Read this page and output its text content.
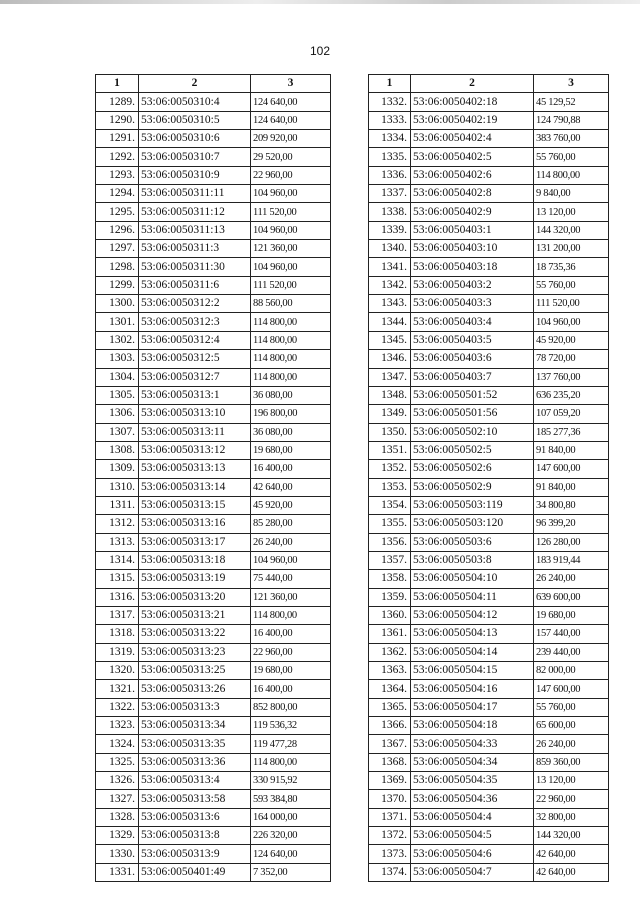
102
1	2	3
1289.	53:06:0050310:4	124 640,00
1290.	53:06:0050310:5	124 640,00
1291.	53:06:0050310:6	209 920,00
1292.	53:06:0050310:7	29 520,00
1293.	53:06:0050310:9	22 960,00
1294.	53:06:0050311:11	104 960,00
1295.	53:06:0050311:12	111 520,00
1296.	53:06:0050311:13	104 960,00
1297.	53:06:0050311:3	121 360,00
1298.	53:06:0050311:30	104 960,00
1299.	53:06:0050311:6	111 520,00
1300.	53:06:0050312:2	88 560,00
1301.	53:06:0050312:3	114 800,00
1302.	53:06:0050312:4	114 800,00
1303.	53:06:0050312:5	114 800,00
1304.	53:06:0050312:7	114 800,00
1305.	53:06:0050313:1	36 080,00
1306.	53:06:0050313:10	196 800,00
1307.	53:06:0050313:11	36 080,00
1308.	53:06:0050313:12	19 680,00
1309.	53:06:0050313:13	16 400,00
1310.	53:06:0050313:14	42 640,00
1311.	53:06:0050313:15	45 920,00
1312.	53:06:0050313:16	85 280,00
1313.	53:06:0050313:17	26 240,00
1314.	53:06:0050313:18	104 960,00
1315.	53:06:0050313:19	75 440,00
1316.	53:06:0050313:20	121 360,00
1317.	53:06:0050313:21	114 800,00
1318.	53:06:0050313:22	16 400,00
1319.	53:06:0050313:23	22 960,00
1320.	53:06:0050313:25	19 680,00
1321.	53:06:0050313:26	16 400,00
1322.	53:06:0050313:3	852 800,00
1323.	53:06:0050313:34	119 536,32
1324.	53:06:0050313:35	119 477,28
1325.	53:06:0050313:36	114 800,00
1326.	53:06:0050313:4	330 915,92
1327.	53:06:0050313:58	593 384,80
1328.	53:06:0050313:6	164 000,00
1329.	53:06:0050313:8	226 320,00
1330.	53:06:0050313:9	124 640,00
1331.	53:06:0050401:49	7 352,00
1	2	3
1332.	53:06:0050402:18	45 129,52
1333.	53:06:0050402:19	124 790,88
1334.	53:06:0050402:4	383 760,00
1335.	53:06:0050402:5	55 760,00
1336.	53:06:0050402:6	114 800,00
1337.	53:06:0050402:8	9 840,00
1338.	53:06:0050402:9	13 120,00
1339.	53:06:0050403:1	144 320,00
1340.	53:06:0050403:10	131 200,00
1341.	53:06:0050403:18	18 735,36
1342.	53:06:0050403:2	55 760,00
1343.	53:06:0050403:3	111 520,00
1344.	53:06:0050403:4	104 960,00
1345.	53:06:0050403:5	45 920,00
1346.	53:06:0050403:6	78 720,00
1347.	53:06:0050403:7	137 760,00
1348.	53:06:0050501:52	636 235,20
1349.	53:06:0050501:56	107 059,20
1350.	53:06:0050502:10	185 277,36
1351.	53:06:0050502:5	91 840,00
1352.	53:06:0050502:6	147 600,00
1353.	53:06:0050502:9	91 840,00
1354.	53:06:0050503:119	34 800,80
1355.	53:06:0050503:120	96 399,20
1356.	53:06:0050503:6	126 280,00
1357.	53:06:0050503:8	183 919,44
1358.	53:06:0050504:10	26 240,00
1359.	53:06:0050504:11	639 600,00
1360.	53:06:0050504:12	19 680,00
1361.	53:06:0050504:13	157 440,00
1362.	53:06:0050504:14	239 440,00
1363.	53:06:0050504:15	82 000,00
1364.	53:06:0050504:16	147 600,00
1365.	53:06:0050504:17	55 760,00
1366.	53:06:0050504:18	65 600,00
1367.	53:06:0050504:33	26 240,00
1368.	53:06:0050504:34	859 360,00
1369.	53:06:0050504:35	13 120,00
1370.	53:06:0050504:36	22 960,00
1371.	53:06:0050504:4	32 800,00
1372.	53:06:0050504:5	144 320,00
1373.	53:06:0050504:6	42 640,00
1374.	53:06:0050504:7	42 640,00
